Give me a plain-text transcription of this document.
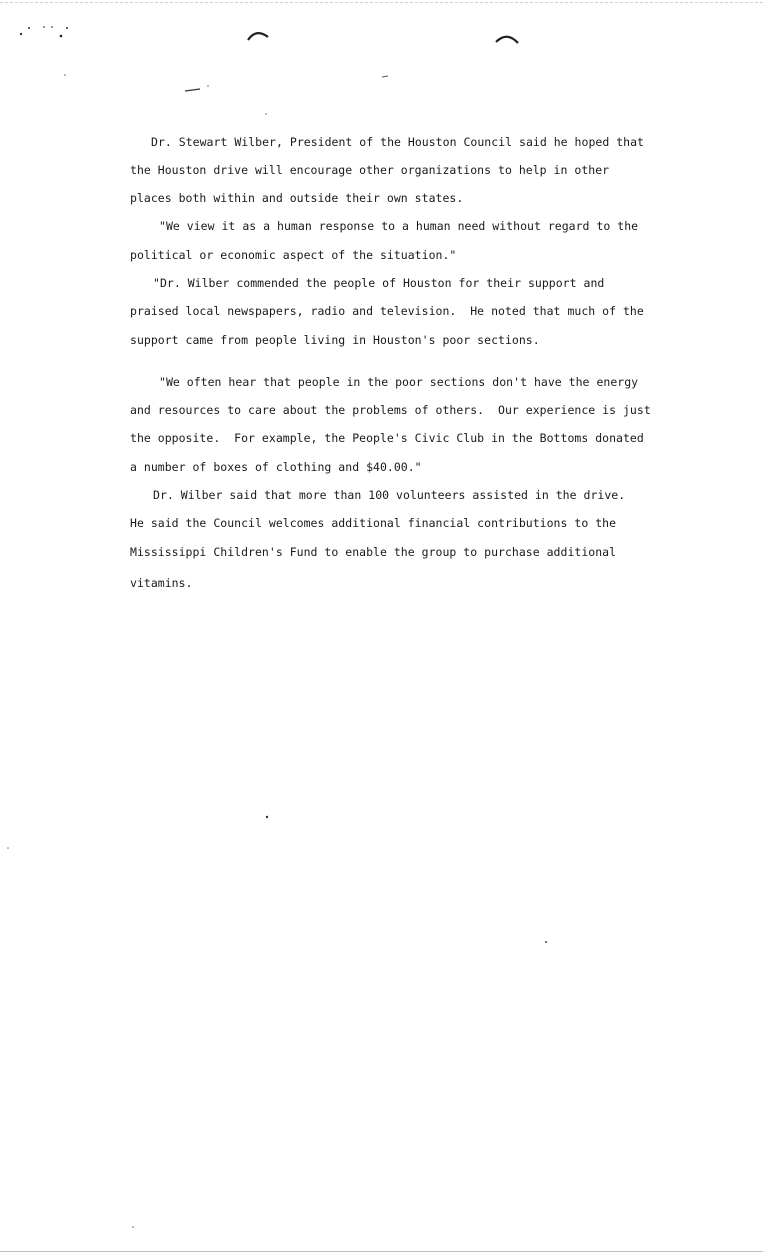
Dr. Stewart Wilber, President of the Houston Council said he hoped that
the Houston drive will encourage other organizations to help in other
places both within and outside their own states.
"We view it as a human response to a human need without regard to the
political or economic aspect of the situation."
"Dr. Wilber commended the people of Houston for their support and
praised local newspapers, radio and television.  He noted that much of the
support came from people living in Houston's poor sections.
"We often hear that people in the poor sections don't have the energy
and resources to care about the problems of others.  Our experience is just
the opposite.  For example, the People's Civic Club in the Bottoms donated
a number of boxes of clothing and $40.00."
Dr. Wilber said that more than 100 volunteers assisted in the drive.
He said the Council welcomes additional financial contributions to the
Mississippi Children's Fund to enable the group to purchase additional
vitamins.
